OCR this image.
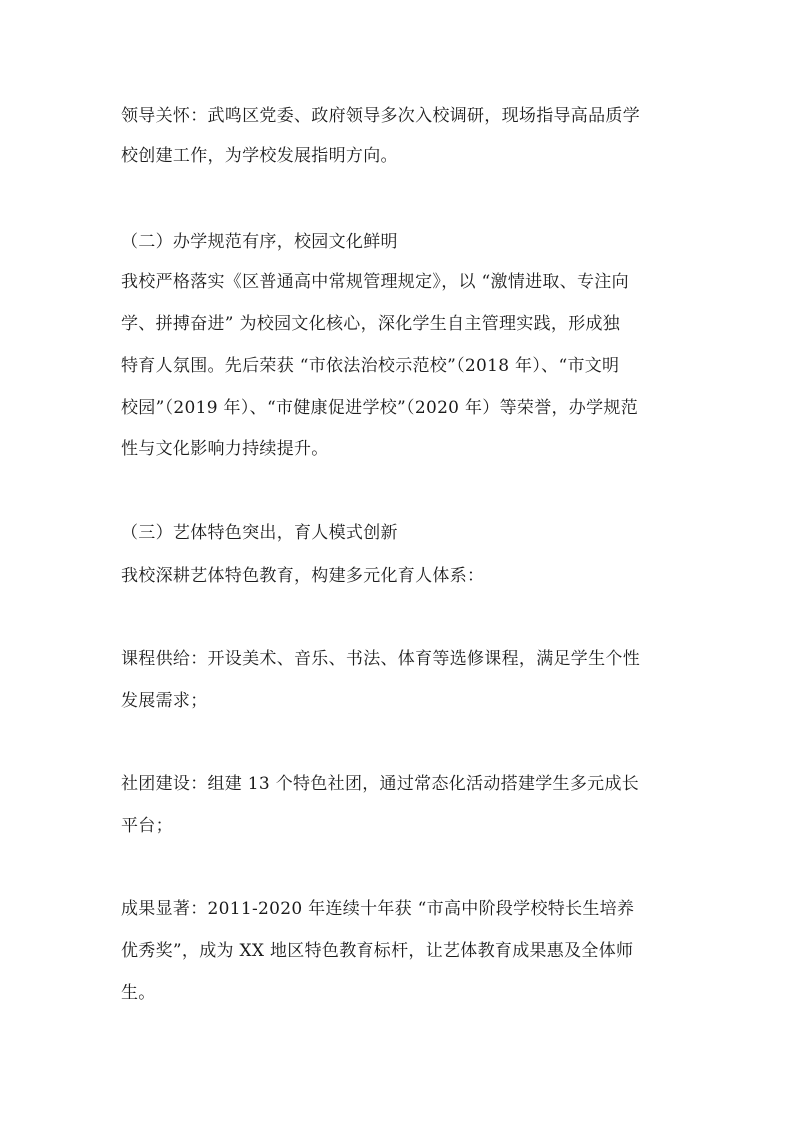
领导关怀：武鸣区党委、政府领导多次入校调研，现场指导高品质学
校创建工作，为学校发展指明方向。
（二）办学规范有序，校园文化鲜明
我校严格落实《区普通高中常规管理规定》，以 “激情进取、专注向
学、拼搏奋进” 为校园文化核心，深化学生自主管理实践，形成独
特育人氛围。先后荣获 “市依法治校示范校”（2018 年）、“市文明
校园”（2019 年）、“市健康促进学校”（2020 年）等荣誉，办学规范
性与文化影响力持续提升。
（三）艺体特色突出，育人模式创新
我校深耕艺体特色教育，构建多元化育人体系：
课程供给：开设美术、音乐、书法、体育等选修课程，满足学生个性
发展需求；
社团建设：组建 13 个特色社团，通过常态化活动搭建学生多元成长
平台；
成果显著：2011-2020 年连续十年获 “市高中阶段学校特长生培养
优秀奖”，成为 XX 地区特色教育标杆，让艺体教育成果惠及全体师
生。
